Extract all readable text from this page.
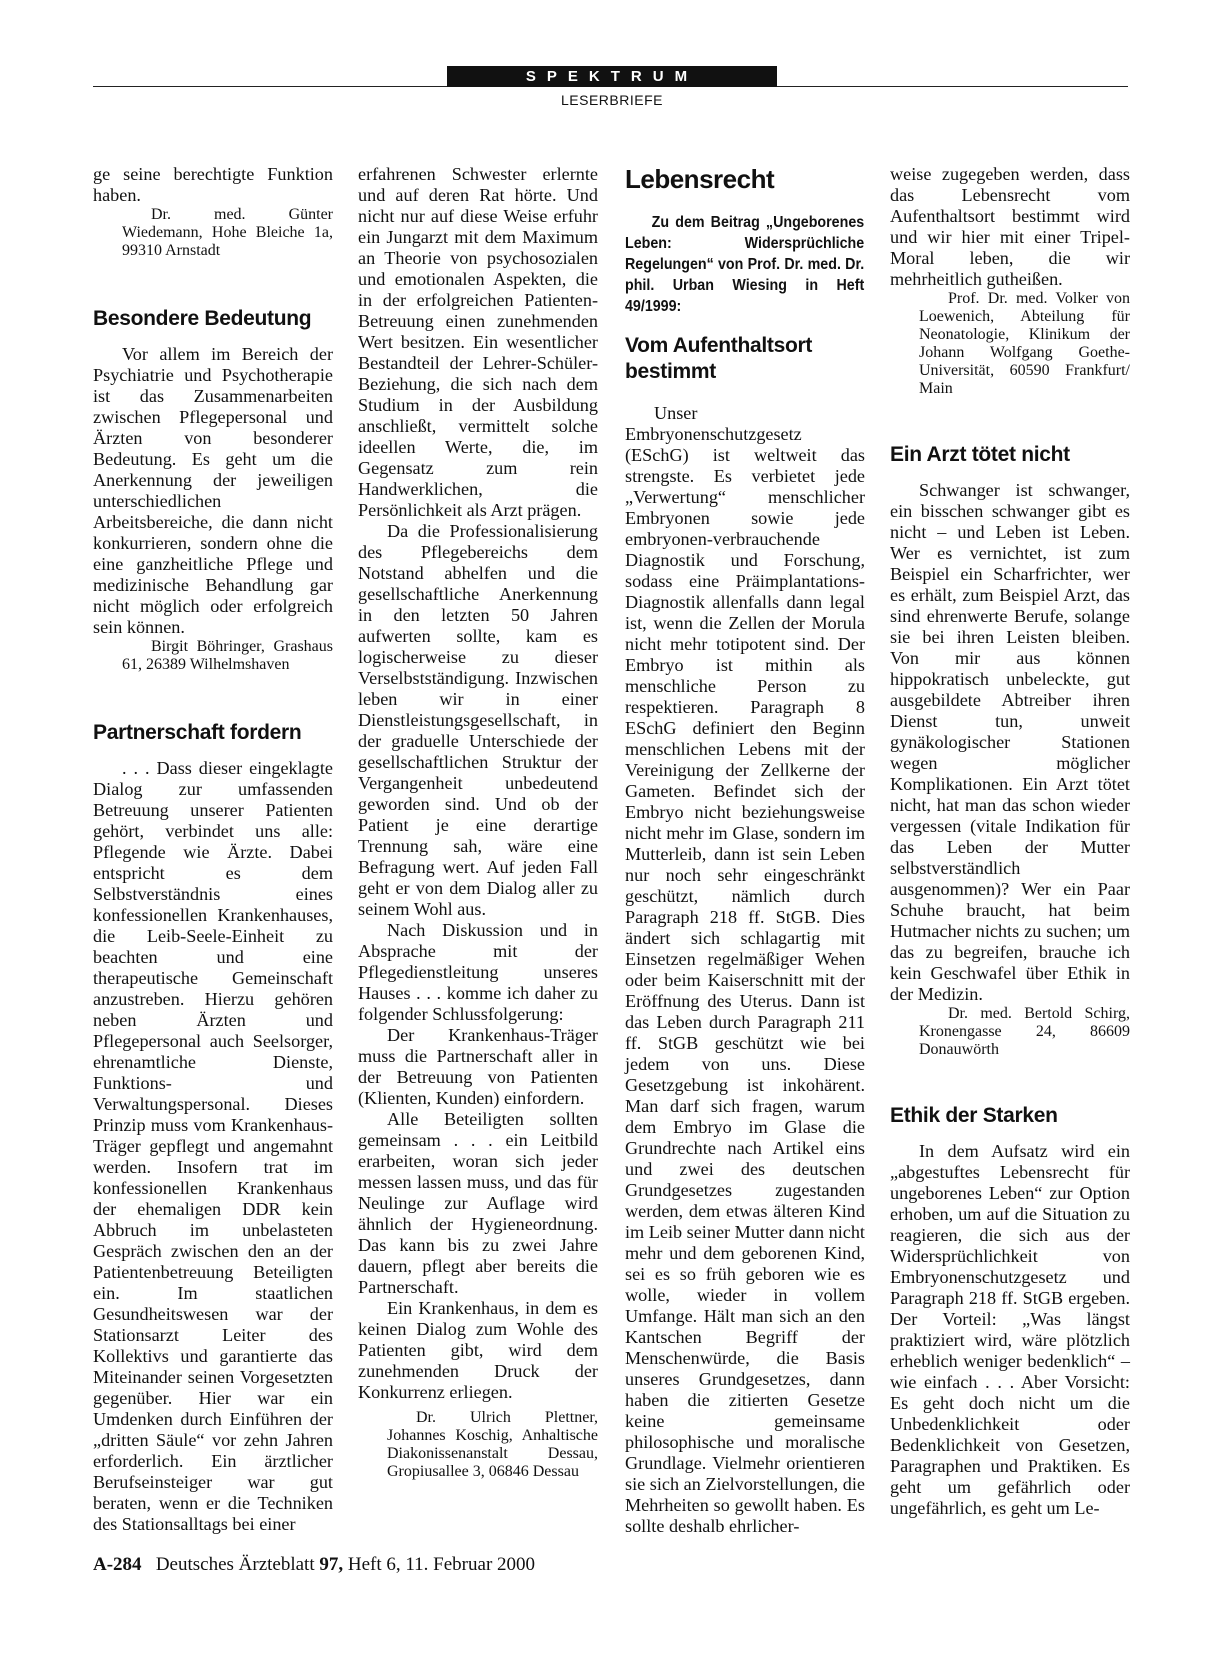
SPEKTRUM
LESERBRIEFE

ge seine berechtigte Funktion haben.

Dr. med. Günter Wiedemann, Hohe Bleiche 1a, 99310 Arnstadt

Besondere Bedeutung

Vor allem im Bereich der Psychiatrie und Psychotherapie ist das Zusammenarbeiten zwischen Pflegepersonal und Ärzten von besonderer Bedeutung. Es geht um die Anerkennung der jeweiligen unterschiedlichen Arbeitsbereiche, die dann nicht konkurrieren, sondern ohne die eine ganzheitliche Pflege und medizinische Behandlung gar nicht möglich oder erfolgreich sein können.

Birgit Böhringer, Grashaus 61, 26389 Wilhelmshaven

Partnerschaft fordern

. . . Dass dieser eingeklagte Dialog zur umfassenden Betreuung unserer Patienten gehört, verbindet uns alle: Pflegende wie Ärzte. Dabei entspricht es dem Selbstverständnis eines konfessionellen Krankenhauses, die Leib-Seele-Einheit zu beachten und eine therapeutische Gemeinschaft anzustreben. Hierzu gehören neben Ärzten und Pflegepersonal auch Seelsorger, ehrenamtliche Dienste, Funktions- und Verwaltungspersonal. Dieses Prinzip muss vom Krankenhaus-Träger gepflegt und angemahnt werden. Insofern trat im konfessionellen Krankenhaus der ehemaligen DDR kein Abbruch im unbelasteten Gespräch zwischen den an der Patientenbetreuung Beteiligten ein. Im staatlichen Gesundheitswesen war der Stationsarzt Leiter des Kollektivs und garantierte das Miteinander seinen Vorgesetzten gegenüber. Hier war ein Umdenken durch Einführen der „dritten Säule“ vor zehn Jahren erforderlich. Ein ärztlicher Berufseinsteiger war gut beraten, wenn er die Techniken des Stationsalltags bei einer

erfahrenen Schwester erlernte und auf deren Rat hörte. Und nicht nur auf diese Weise erfuhr ein Jungarzt mit dem Maximum an Theorie von psychosozialen und emotionalen Aspekten, die in der erfolgreichen Patienten-Betreuung einen zunehmenden Wert besitzen. Ein wesentlicher Bestandteil der Lehrer-Schüler-Beziehung, die sich nach dem Studium in der Ausbildung anschließt, vermittelt solche ideellen Werte, die, im Gegensatz zum rein Handwerklichen, die Persönlichkeit als Arzt prägen.

Da die Professionalisierung des Pflegebereichs dem Notstand abhelfen und die gesellschaftliche Anerkennung in den letzten 50 Jahren aufwerten sollte, kam es logischerweise zu dieser Verselbstständigung. Inzwischen leben wir in einer Dienstleistungsgesellschaft, in der graduelle Unterschiede der gesellschaftlichen Struktur der Vergangenheit unbedeutend geworden sind. Und ob der Patient je eine derartige Trennung sah, wäre eine Befragung wert. Auf jeden Fall geht er von dem Dialog aller zu seinem Wohl aus.

Nach Diskussion und in Absprache mit der Pflegedienstleitung unseres Hauses . . . komme ich daher zu folgender Schlussfolgerung:

Der Krankenhaus-Träger muss die Partnerschaft aller in der Betreuung von Patienten (Klienten, Kunden) einfordern.

Alle Beteiligten sollten gemeinsam . . . ein Leitbild erarbeiten, woran sich jeder messen lassen muss, und das für Neulinge zur Auflage wird ähnlich der Hygieneordnung. Das kann bis zu zwei Jahre dauern, pflegt aber bereits die Partnerschaft.

Ein Krankenhaus, in dem es keinen Dialog zum Wohle des Patienten gibt, wird dem zunehmenden Druck der Konkurrenz erliegen.

Dr. Ulrich Plettner, Johannes Koschig, Anhaltische Diakonissenanstalt Dessau, Gropiusallee 3, 06846 Dessau

Lebensrecht

Zu dem Beitrag „Ungeborenes Leben: Widersprüchliche Regelungen“ von Prof. Dr. med. Dr. phil. Urban Wiesing in Heft 49/1999:

Vom Aufenthaltsort bestimmt

Unser Embryonenschutzgesetz (ESchG) ist weltweit das strengste. Es verbietet jede „Verwertung“ menschlicher Embryonen sowie jede embryonen-verbrauchende Diagnostik und Forschung, sodass eine Präimplantations-Diagnostik allenfalls dann legal ist, wenn die Zellen der Morula nicht mehr totipotent sind. Der Embryo ist mithin als menschliche Person zu respektieren. Paragraph 8 ESchG definiert den Beginn menschlichen Lebens mit der Vereinigung der Zellkerne der Gameten. Befindet sich der Embryo nicht beziehungsweise nicht mehr im Glase, sondern im Mutterleib, dann ist sein Leben nur noch sehr eingeschränkt geschützt, nämlich durch Paragraph 218 ff. StGB. Dies ändert sich schlagartig mit Einsetzen regelmäßiger Wehen oder beim Kaiserschnitt mit der Eröffnung des Uterus. Dann ist das Leben durch Paragraph 211 ff. StGB geschützt wie bei jedem von uns. Diese Gesetzgebung ist inkohärent. Man darf sich fragen, warum dem Embryo im Glase die Grundrechte nach Artikel eins und zwei des deutschen Grundgesetzes zugestanden werden, dem etwas älteren Kind im Leib seiner Mutter dann nicht mehr und dem geborenen Kind, sei es so früh geboren wie es wolle, wieder in vollem Umfange. Hält man sich an den Kantschen Begriff der Menschenwürde, die Basis unseres Grundgesetzes, dann haben die zitierten Gesetze keine gemeinsame philosophische und moralische Grundlage. Vielmehr orientieren sie sich an Zielvorstellungen, die Mehrheiten so gewollt haben. Es sollte deshalb ehrlicher-

weise zugegeben werden, dass das Lebensrecht vom Aufenthaltsort bestimmt wird und wir hier mit einer Tripel-Moral leben, die wir mehrheitlich gutheißen.

Prof. Dr. med. Volker von Loewenich, Abteilung für Neonatologie, Klinikum der Johann Wolfgang Goethe-Universität, 60590 Frankfurt/ Main

Ein Arzt tötet nicht

Schwanger ist schwanger, ein bisschen schwanger gibt es nicht – und Leben ist Leben. Wer es vernichtet, ist zum Beispiel ein Scharfrichter, wer es erhält, zum Beispiel Arzt, das sind ehrenwerte Berufe, solange sie bei ihren Leisten bleiben. Von mir aus können hippokratisch unbeleckte, gut ausgebildete Abtreiber ihren Dienst tun, unweit gynäkologischer Stationen wegen möglicher Komplikationen. Ein Arzt tötet nicht, hat man das schon wieder vergessen (vitale Indikation für das Leben der Mutter selbstverständlich ausgenommen)? Wer ein Paar Schuhe braucht, hat beim Hutmacher nichts zu suchen; um das zu begreifen, brauche ich kein Geschwafel über Ethik in der Medizin.

Dr. med. Bertold Schirg, Kronengasse 24, 86609 Donauwörth

Ethik der Starken

In dem Aufsatz wird ein „abgestuftes Lebensrecht für ungeborenes Leben“ zur Option erhoben, um auf die Situation zu reagieren, die sich aus der Widersprüchlichkeit von Embryonenschutzgesetz und Paragraph 218 ff. StGB ergeben. Der Vorteil: „Was längst praktiziert wird, wäre plötzlich erheblich weniger bedenklich“ – wie einfach . . . Aber Vorsicht: Es geht doch nicht um die Unbedenklichkeit oder Bedenklichkeit von Gesetzen, Paragraphen und Praktiken. Es geht um gefährlich oder ungefährlich, es geht um Le-

A-284 Deutsches Ärzteblatt 97, Heft 6, 11. Februar 2000
